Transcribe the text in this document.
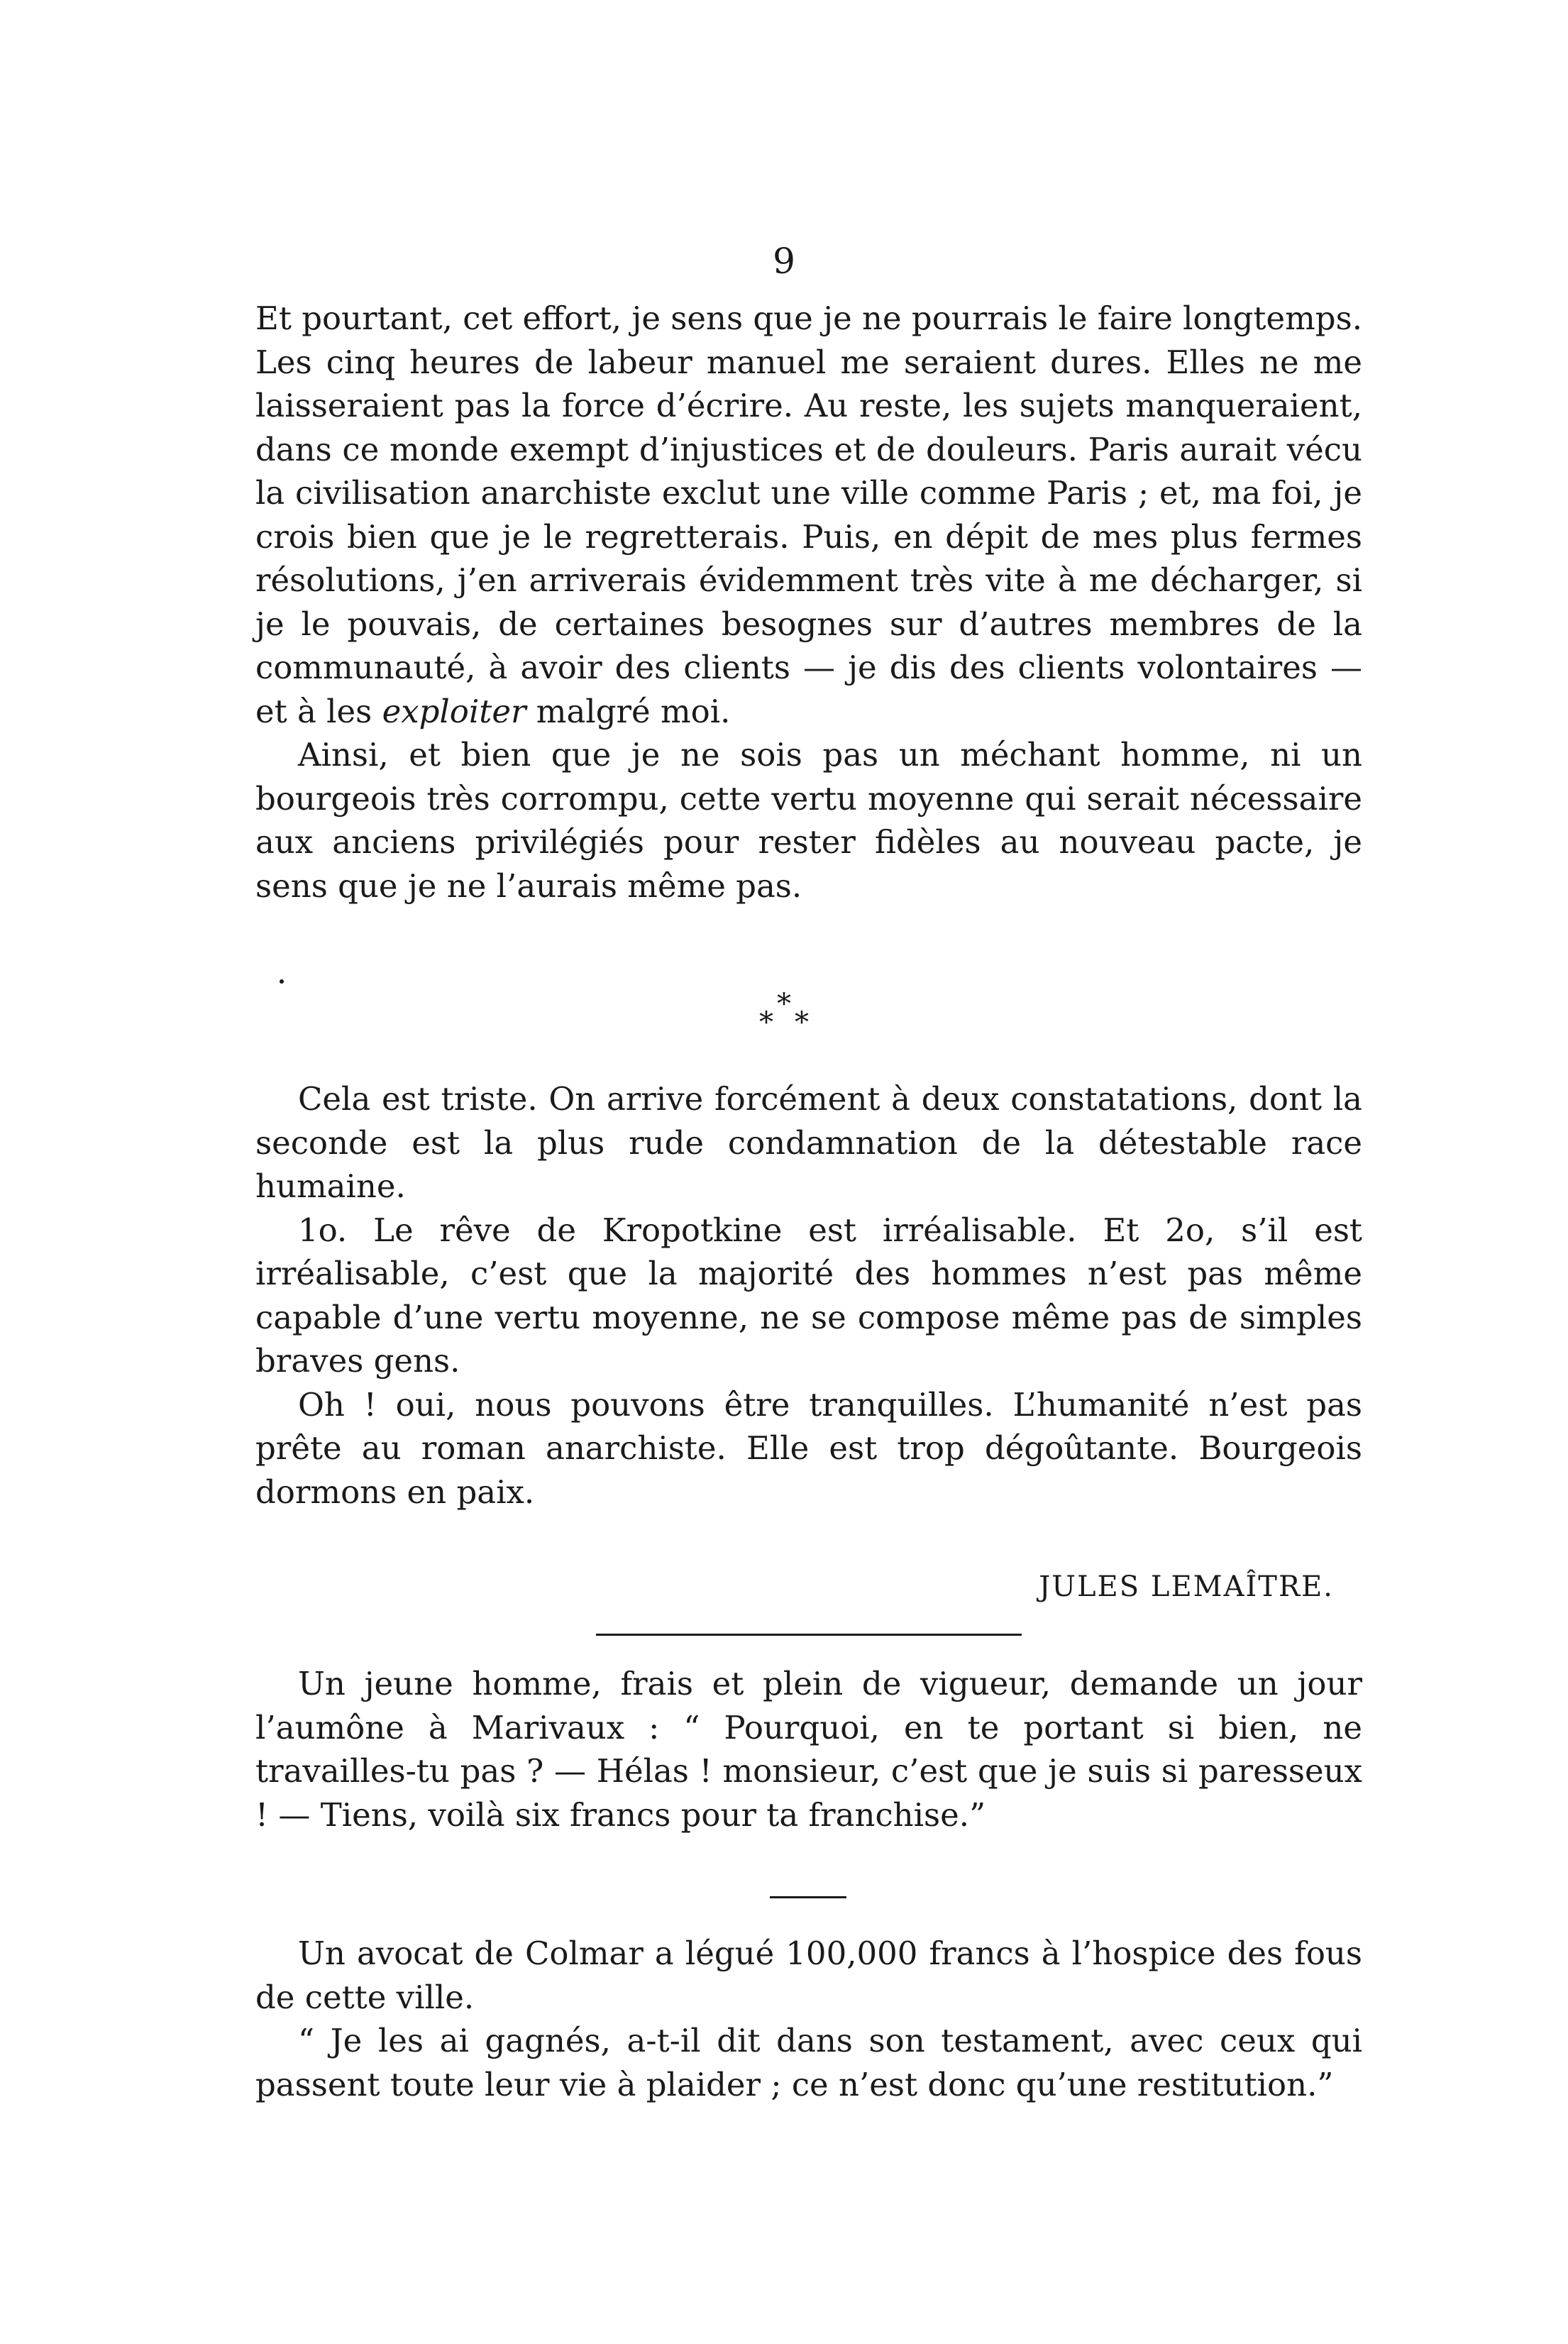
9

Et pourtant, cet effort, je sens que je ne pourrais le faire longtemps. Les cinq heures de labeur manuel me seraient dures. Elles ne me laisseraient pas la force d’écrire. Au reste, les sujets manqueraient, dans ce monde exempt d’injustices et de douleurs. Paris aurait vécu la civilisation anarchiste exclut une ville comme Paris ; et, ma foi, je crois bien que je le regretterais. Puis, en dépit de mes plus fermes résolutions, j’en arriverais évidemment très vite à me décharger, si je le pouvais, de certaines besognes sur d’autres membres de la communauté, à avoir des clients — je dis des clients volontaires — et à les exploiter malgré moi.

Ainsi, et bien que je ne sois pas un méchant homme, ni un bourgeois très corrompu, cette vertu moyenne qui serait nécessaire aux anciens privilégiés pour rester fidèles au nouveau pacte, je sens que je ne l’aurais même pas.

*
* *

Cela est triste. On arrive forcément à deux constatations, dont la seconde est la plus rude condamnation de la détestable race humaine.

1o. Le rêve de Kropotkine est irréalisable. Et 2o, s’il est irréalisable, c’est que la majorité des hommes n’est pas même capable d’une vertu moyenne, ne se compose même pas de simples braves gens.

Oh ! oui, nous pouvons être tranquilles. L’humanité n’est pas prête au roman anarchiste. Elle est trop dégoûtante. Bourgeois dormons en paix.

JULES LEMAÎTRE.

Un jeune homme, frais et plein de vigueur, demande un jour l’aumône à Marivaux : “ Pourquoi, en te portant si bien, ne travailles-tu pas ? — Hélas ! monsieur, c’est que je suis si paresseux ! — Tiens, voilà six francs pour ta franchise.”

Un avocat de Colmar a légué 100,000 francs à l’hospice des fous de cette ville.

“ Je les ai gagnés, a-t-il dit dans son testament, avec ceux qui passent toute leur vie à plaider ; ce n’est donc qu’une restitution.”
